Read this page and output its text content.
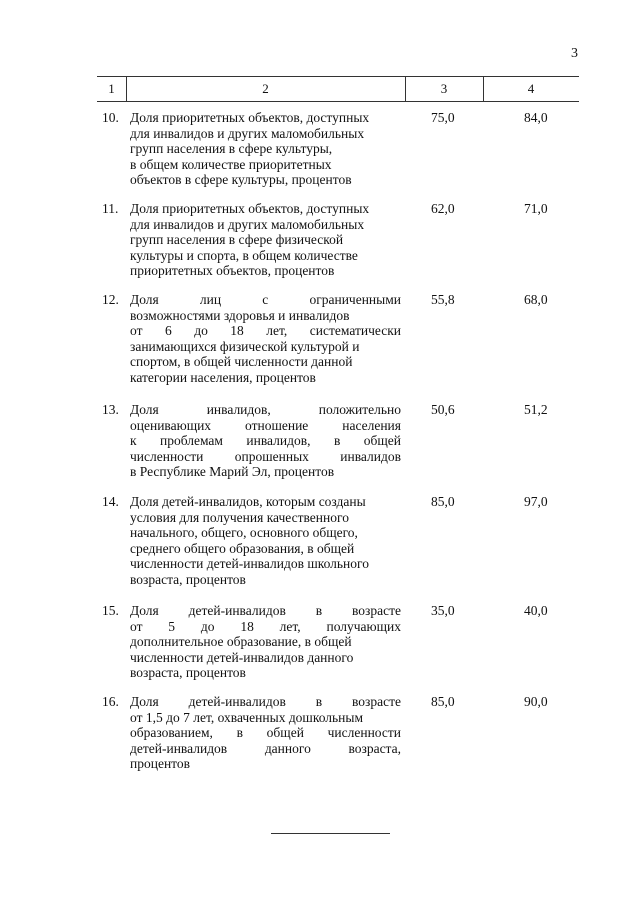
3
1	2	3	4
10. Доля приоритетных объектов, доступных
для инвалидов и других маломобильных
групп населения в сфере культуры,
в общем количестве приоритетных
объектов в сфере культуры, процентов
75,0	84,0
11. Доля приоритетных объектов, доступных
для инвалидов и других маломобильных
групп населения в сфере физической
культуры и спорта, в общем количестве
приоритетных объектов, процентов
62,0	71,0
12. Доля лиц с ограниченными
возможностями здоровья и инвалидов
от 6 до 18 лет, систематически
занимающихся физической культурой и
спортом, в общей численности данной
категории населения, процентов
55,8	68,0
13. Доля инвалидов, положительно
оценивающих отношение населения
к проблемам инвалидов, в общей
численности опрошенных инвалидов
в Республике Марий Эл, процентов
50,6	51,2
14. Доля детей-инвалидов, которым созданы
условия для получения качественного
начального, общего, основного общего,
среднего общего образования, в общей
численности детей-инвалидов школьного
возраста, процентов
85,0	97,0
15. Доля детей-инвалидов в возрасте
от 5 до 18 лет, получающих
дополнительное образование, в общей
численности детей-инвалидов данного
возраста, процентов
35,0	40,0
16. Доля детей-инвалидов в возрасте
от 1,5 до 7 лет, охваченных дошкольным
образованием, в общей численности
детей-инвалидов данного возраста,
процентов
85,0	90,0
